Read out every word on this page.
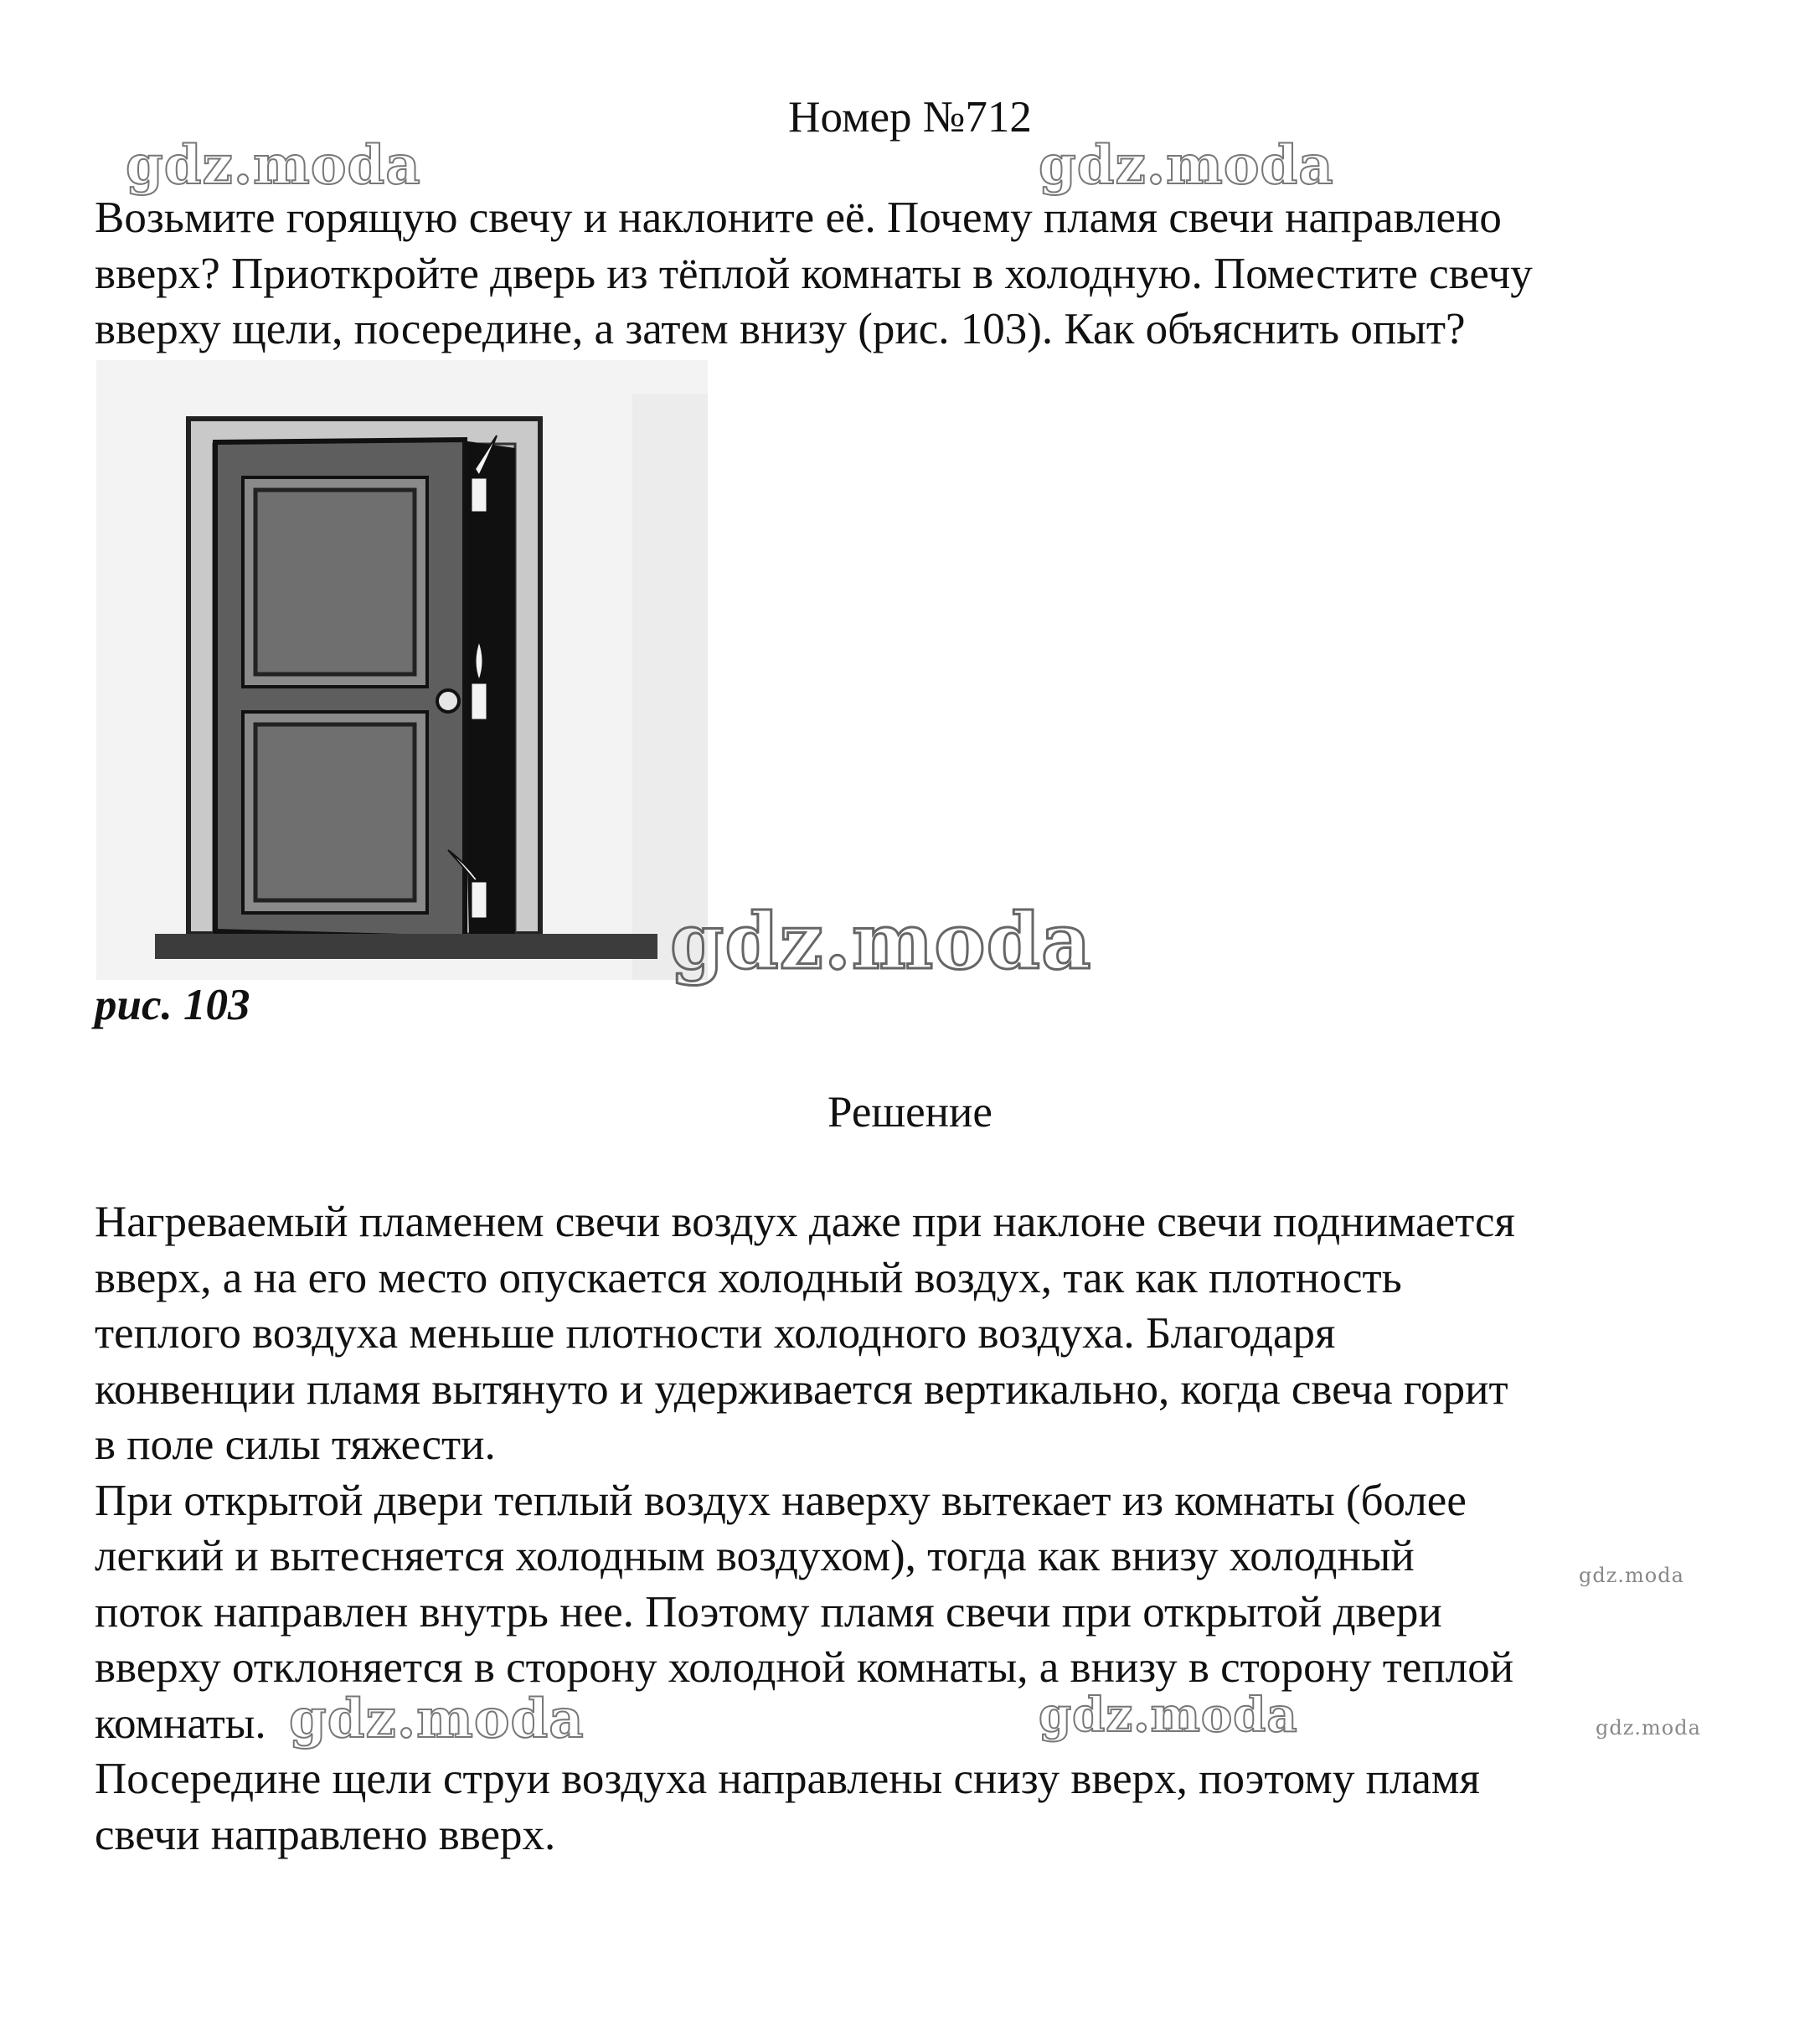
Номер №712
Возьмите горящую свечу и наклоните её. Почему пламя свечи направлено
вверх? Приоткройте дверь из тёплой комнаты в холодную. Поместите свечу
вверху щели, посередине, а затем внизу (рис. 103). Как объяснить опыт?
рис. 103
Решение
Нагреваемый пламенем свечи воздух даже при наклоне свечи поднимается
вверх, а на его место опускается холодный воздух, так как плотность
теплого воздуха меньше плотности холодного воздуха. Благодаря
конвенции пламя вытянуто и удерживается вертикально, когда свеча горит
в поле силы тяжести.
При открытой двери теплый воздух наверху вытекает из комнаты (более
легкий и вытесняется холодным воздухом), тогда как внизу холодный
поток направлен внутрь нее. Поэтому пламя свечи при открытой двери
вверху отклоняется в сторону холодной комнаты, а внизу в сторону теплой
комнаты.
Посередине щели струи воздуха направлены снизу вверх, поэтому пламя
свечи направлено вверх.
gdz.moda	gdz.moda
gdz.moda
gdz.moda
gdz.moda	gdz.moda	gdz.moda
